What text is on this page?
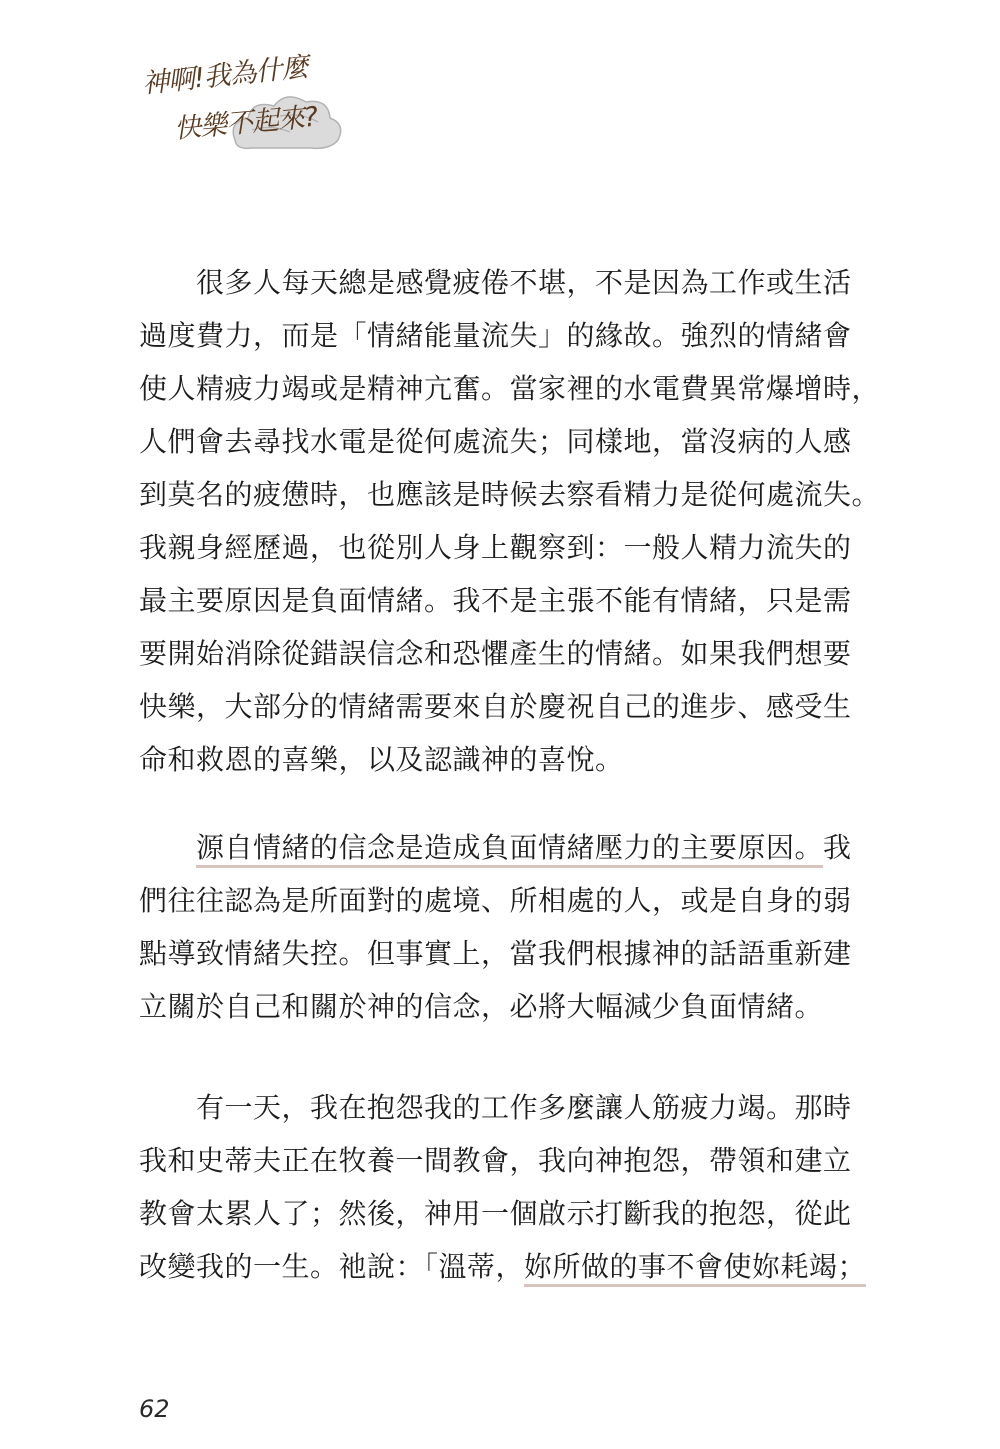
神啊!我為什麼
快樂不起來?

　　很多人每天總是感覺疲倦不堪，不是因為工作或生活

過度費力，而是「情緒能量流失」的緣故。強烈的情緒會

使人精疲力竭或是精神亢奮。當家裡的水電費異常爆增時，

人們會去尋找水電是從何處流失；同樣地，當沒病的人感

到莫名的疲憊時，也應該是時候去察看精力是從何處流失。

我親身經歷過，也從別人身上觀察到：一般人精力流失的

最主要原因是負面情緒。我不是主張不能有情緒，只是需

要開始消除從錯誤信念和恐懼產生的情緒。如果我們想要

快樂，大部分的情緒需要來自於慶祝自己的進步、感受生

命和救恩的喜樂，以及認識神的喜悅。

　　源自情緒的信念是造成負面情緒壓力的主要原因。我

們往往認為是所面對的處境、所相處的人，或是自身的弱

點導致情緒失控。但事實上，當我們根據神的話語重新建

立關於自己和關於神的信念，必將大幅減少負面情緒。

　　有一天，我在抱怨我的工作多麼讓人筋疲力竭。那時

我和史蒂夫正在牧養一間教會，我向神抱怨，帶領和建立

教會太累人了；然後，神用一個啟示打斷我的抱怨，從此

改變我的一生。祂說：「溫蒂，妳所做的事不會使妳耗竭；

62
